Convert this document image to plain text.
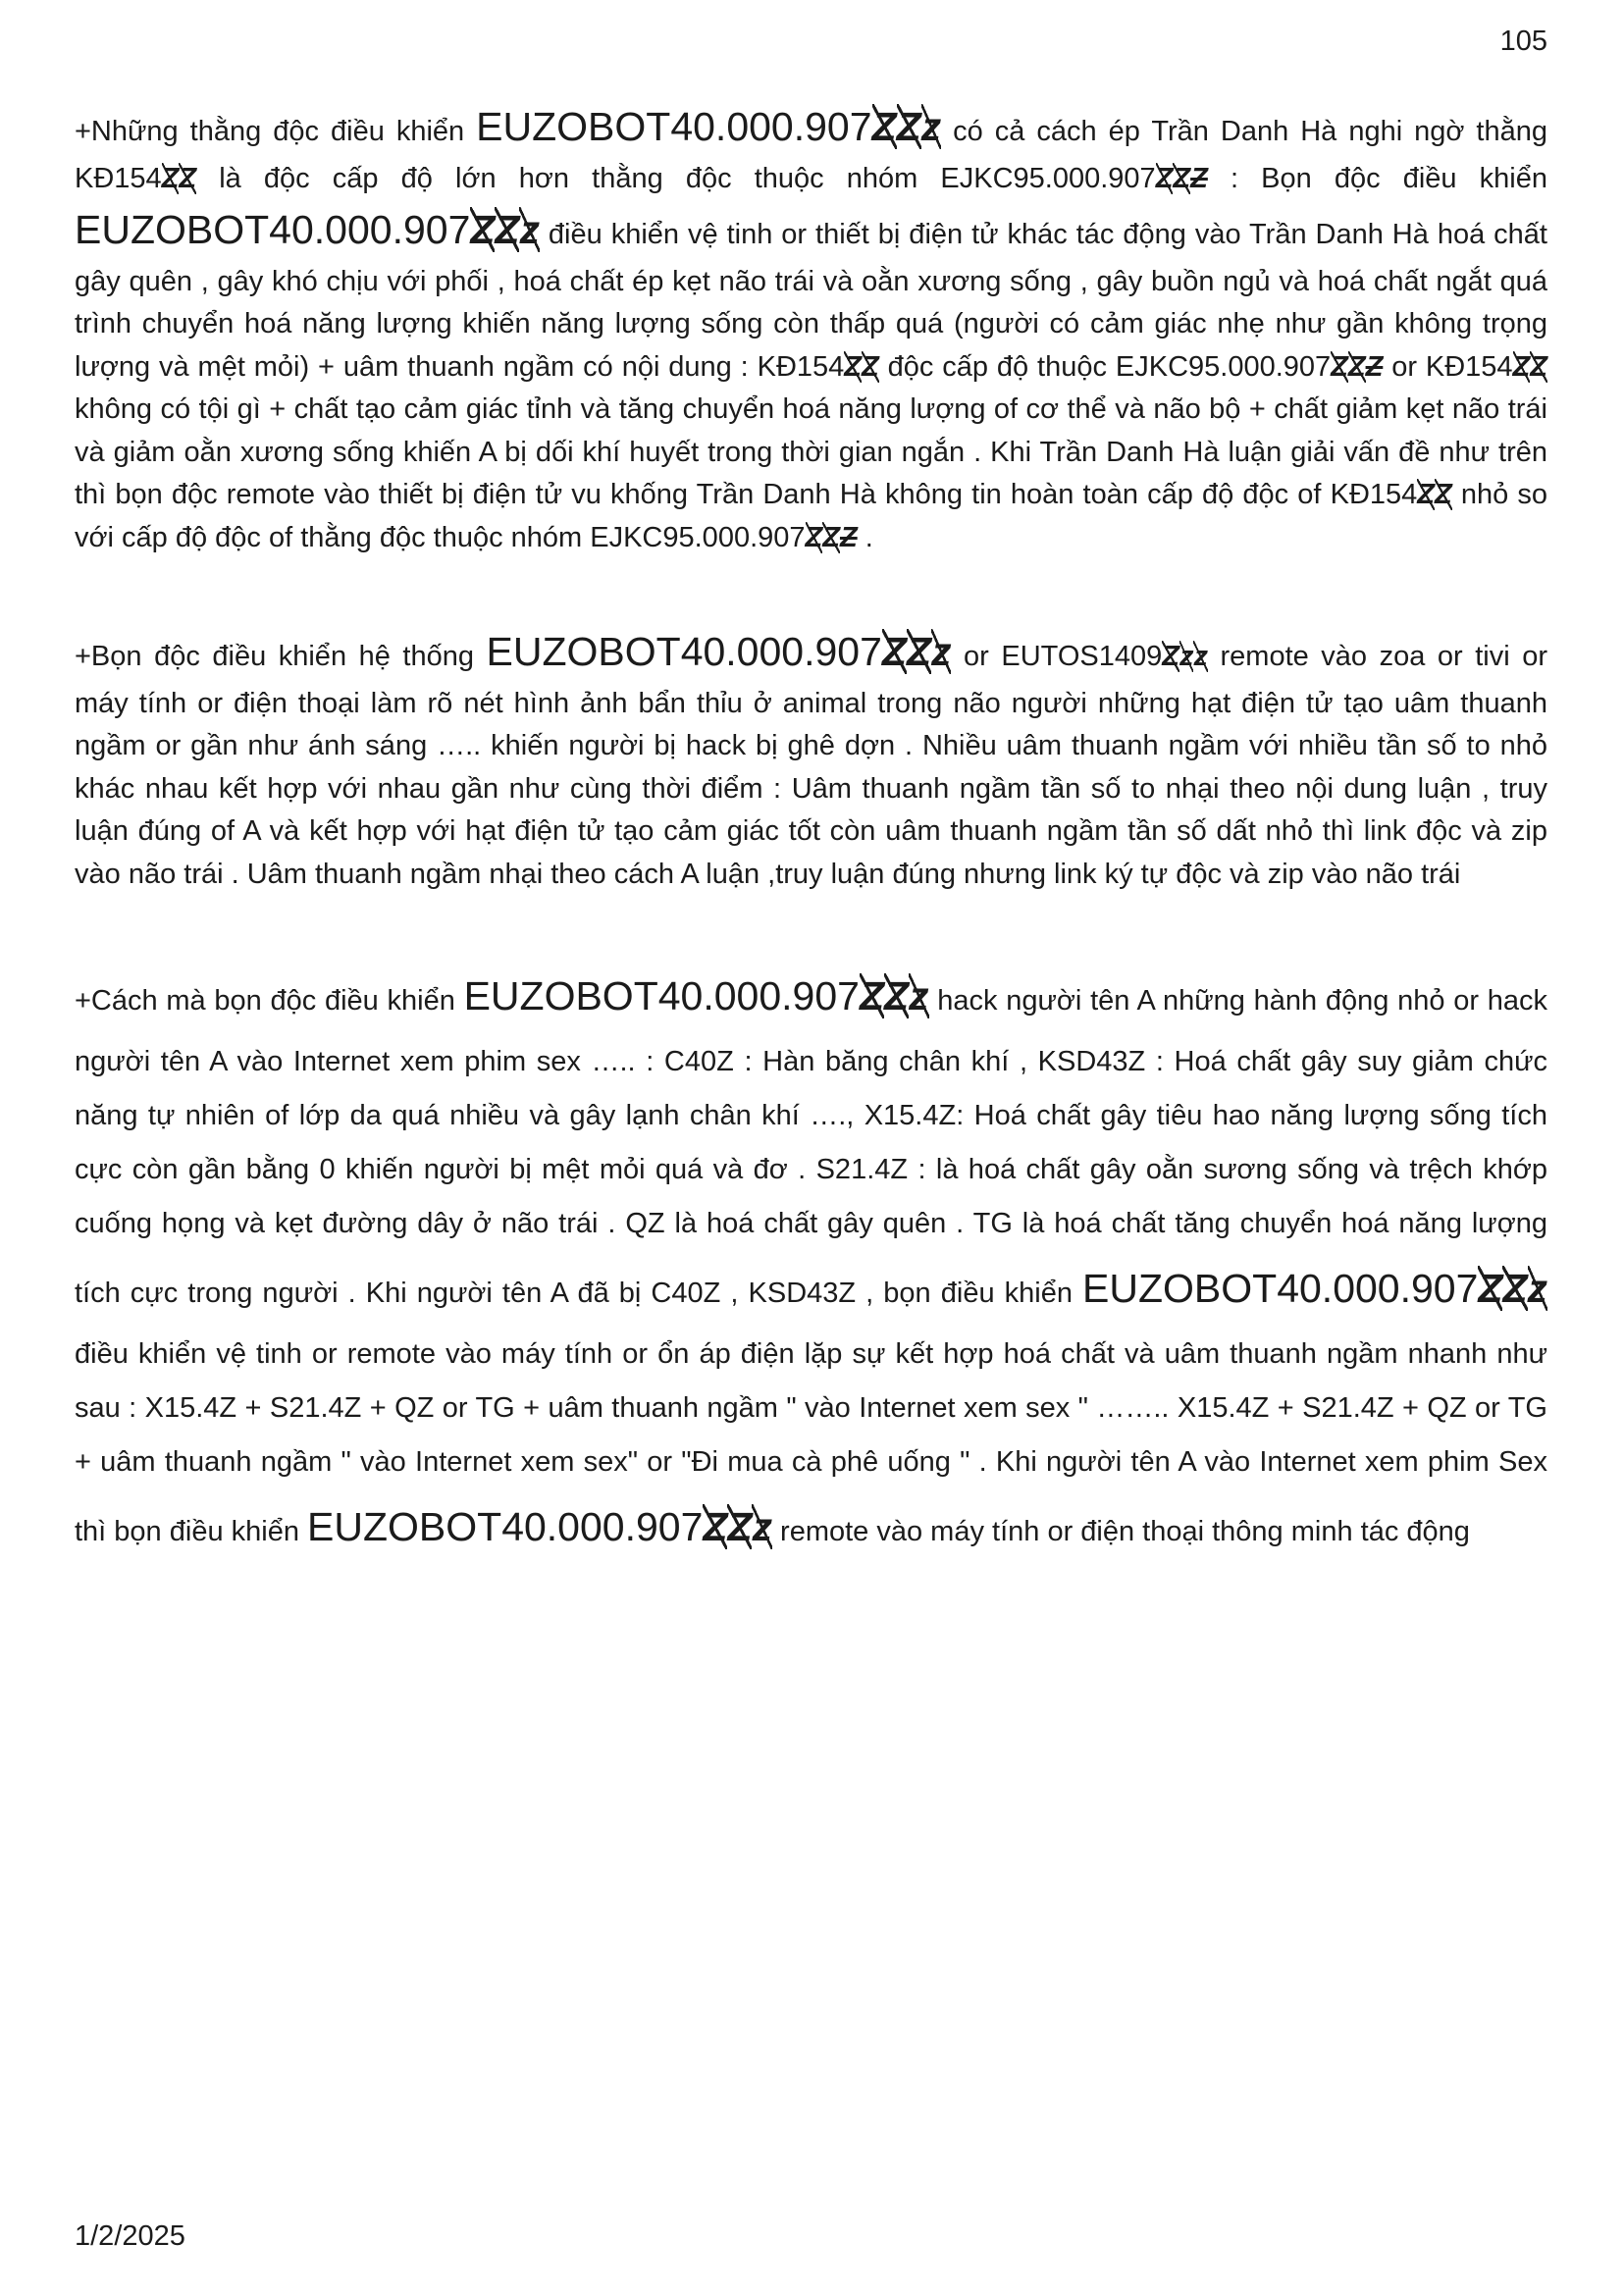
105

+Những thằng độc điều khiển EUZOBOT40.000.907ZZz có cả cách ép Trần Danh Hà nghi ngờ thằng KĐ154ZZ là độc cấp độ lớn hơn thằng độc thuộc nhóm EJKC95.000.907ZZZ : Bọn độc điều khiển EUZOBOT40.000.907ZZz điều khiển vệ tinh or thiết bị điện tử khác tác động vào Trần Danh Hà hoá chất gây quên , gây khó chịu với phối , hoá chất ép kẹt não trái và oằn xương sống , gây buồn ngủ và hoá chất ngắt quá trình chuyển hoá năng lượng khiến năng lượng sống còn thấp quá (người có cảm giác nhẹ như gần không trọng lượng và mệt mỏi) + uâm thuanh ngầm có nội dung : KĐ154ZZ độc cấp độ thuộc EJKC95.000.907ZZZ or KĐ154ZZ không có tội gì + chất tạo cảm giác tỉnh và tăng chuyển hoá năng lượng of cơ thể và não bộ + chất giảm kẹt não trái và giảm oằn xương sống khiến A bị dối khí huyết trong thời gian ngắn . Khi Trần Danh Hà luận giải vấn đề như trên thì bọn độc remote vào thiết bị điện tử vu khống Trần Danh Hà không tin hoàn toàn cấp độ độc of KĐ154ZZ nhỏ so với cấp độ độc of thằng độc thuộc nhóm EJKC95.000.907ZZZ .

+Bọn độc điều khiển hệ thống EUZOBOT40.000.907ZZz or EUTOS1409Zzz remote vào zoa or tivi or máy tính or điện thoại làm rõ nét hình ảnh bẩn thỉu ở animal trong não người những hạt điện tử tạo uâm thuanh ngầm or gần như ánh sáng ….. khiến người bị hack bị ghê dợn . Nhiều uâm thuanh ngầm với nhiều tần số to nhỏ khác nhau kết hợp với nhau gần như cùng thời điểm : Uâm thuanh ngầm tần số to nhại theo nội dung luận , truy luận đúng of A và kết hợp với hạt điện tử tạo cảm giác tốt còn uâm thuanh ngầm tần số dất nhỏ thì link độc và zip vào não trái . Uâm thuanh ngầm nhại theo cách A luận ,truy luận đúng nhưng link ký tự độc và zip vào não trái

+Cách mà bọn độc điều khiển EUZOBOT40.000.907ZZz hack người tên A những hành động nhỏ or hack người tên A vào Internet xem phim sex ….. : C40Z : Hàn băng chân khí , KSD43Z : Hoá chất gây suy giảm chức năng tự nhiên of lớp da quá nhiều và gây lạnh chân khí …., X15.4Z: Hoá chất gây tiêu hao năng lượng sống tích cực còn gần bằng 0 khiến người bị mệt mỏi quá và đơ . S21.4Z : là hoá chất gây oằn sương sống và trệch khớp cuống họng và kẹt đường dây ở não trái . QZ là hoá chất gây quên . TG là hoá chất tăng chuyển hoá năng lượng tích cực trong người . Khi người tên A đã bị C40Z , KSD43Z , bọn điều khiển EUZOBOT40.000.907ZZz điều khiển vệ tinh or remote vào máy tính or ổn áp điện lặp sự kết hợp hoá chất và uâm thuanh ngầm nhanh như sau : X15.4Z + S21.4Z + QZ or TG + uâm thuanh ngầm " vào Internet xem sex " …….. X15.4Z + S21.4Z + QZ or TG + uâm thuanh ngầm " vào Internet xem sex" or "Đi mua cà phê uống " . Khi người tên A vào Internet xem phim Sex thì bọn điều khiển EUZOBOT40.000.907ZZz remote vào máy tính or điện thoại thông minh tác động

1/2/2025
